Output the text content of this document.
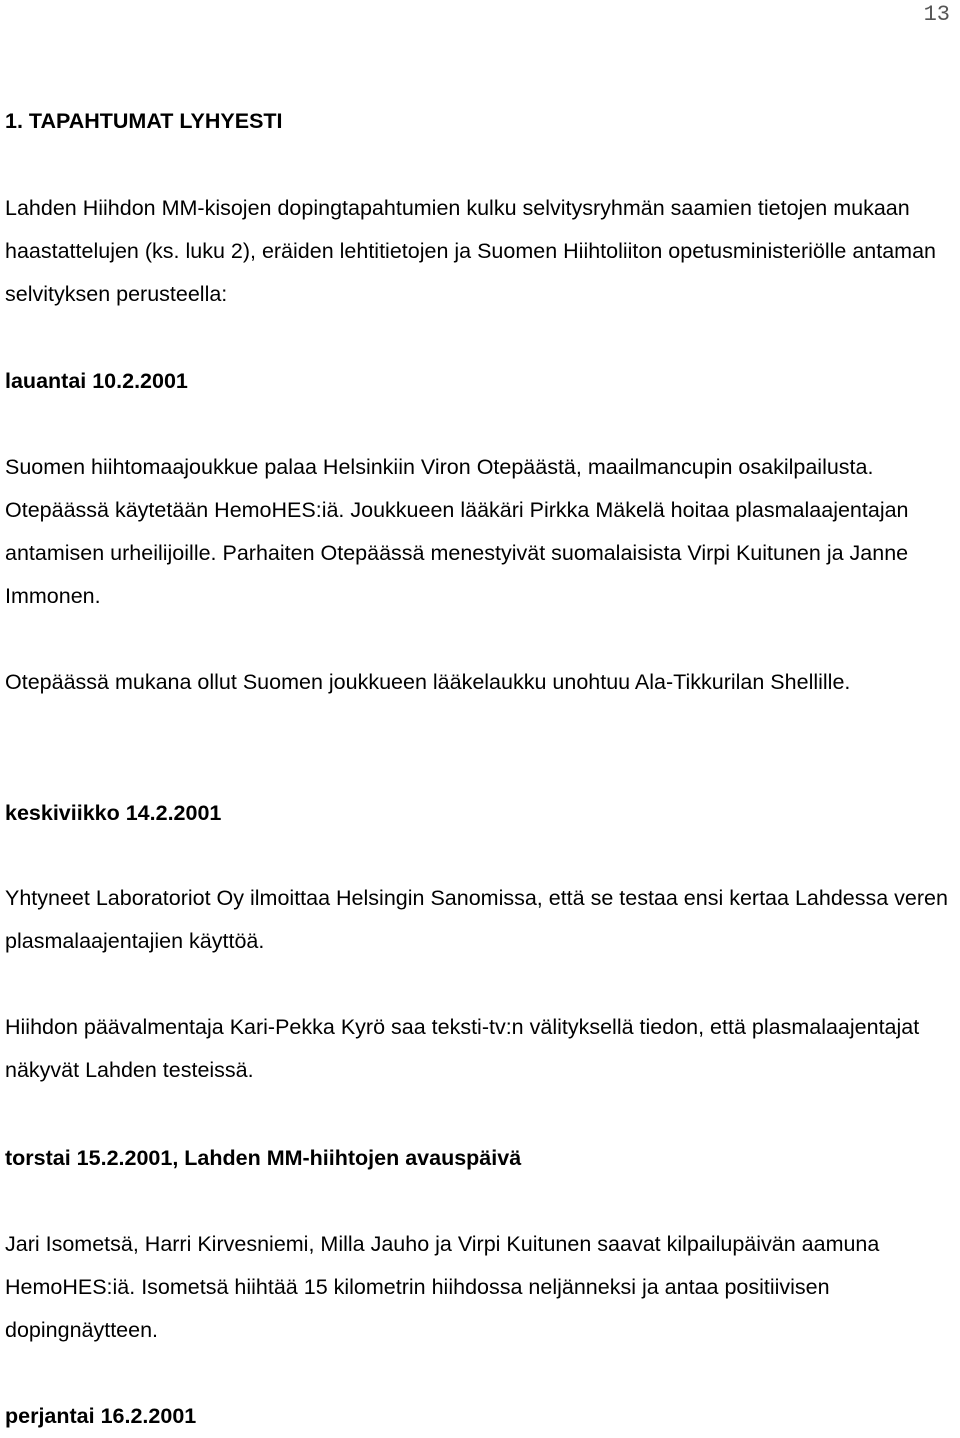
13
1. TAPAHTUMAT LYHYESTI

Lahden Hiihdon MM-kisojen dopingtapahtumien kulku selvitysryhmän saamien tietojen mukaan haastattelujen (ks. luku 2), eräiden lehtitietojen ja Suomen Hiihtoliiton opetusministeriölle antaman selvityksen perusteella:

lauantai 10.2.2001

Suomen hiihtomaajoukkue palaa Helsinkiin Viron Otepäästä, maailmancupin osakilpailusta. Otepäässä käytetään HemoHES:iä. Joukkueen lääkäri Pirkka Mäkelä hoitaa plasmalaajentajan antamisen urheilijoille. Parhaiten Otepäässä menestyivät suomalaisista Virpi Kuitunen ja Janne Immonen.

Otepäässä mukana ollut Suomen joukkueen lääkelaukku unohtuu Ala-Tikkurilan Shellille.

keskiviikko 14.2.2001

Yhtyneet Laboratoriot Oy ilmoittaa Helsingin Sanomissa, että se testaa ensi kertaa Lahdessa veren plasmalaajentajien käyttöä.

Hiihdon päävalmentaja Kari-Pekka Kyrö saa teksti-tv:n välityksellä tiedon, että plasmalaajentajat näkyvät Lahden testeissä.

torstai 15.2.2001, Lahden MM-hiihtojen avauspäivä

Jari Isometsä, Harri Kirvesniemi, Milla Jauho ja Virpi Kuitunen saavat kilpailupäivän aamuna HemoHES:iä. Isometsä hiihtää 15 kilometrin hiihdossa neljänneksi ja antaa positiivisen dopingnäytteen.

perjantai 16.2.2001
